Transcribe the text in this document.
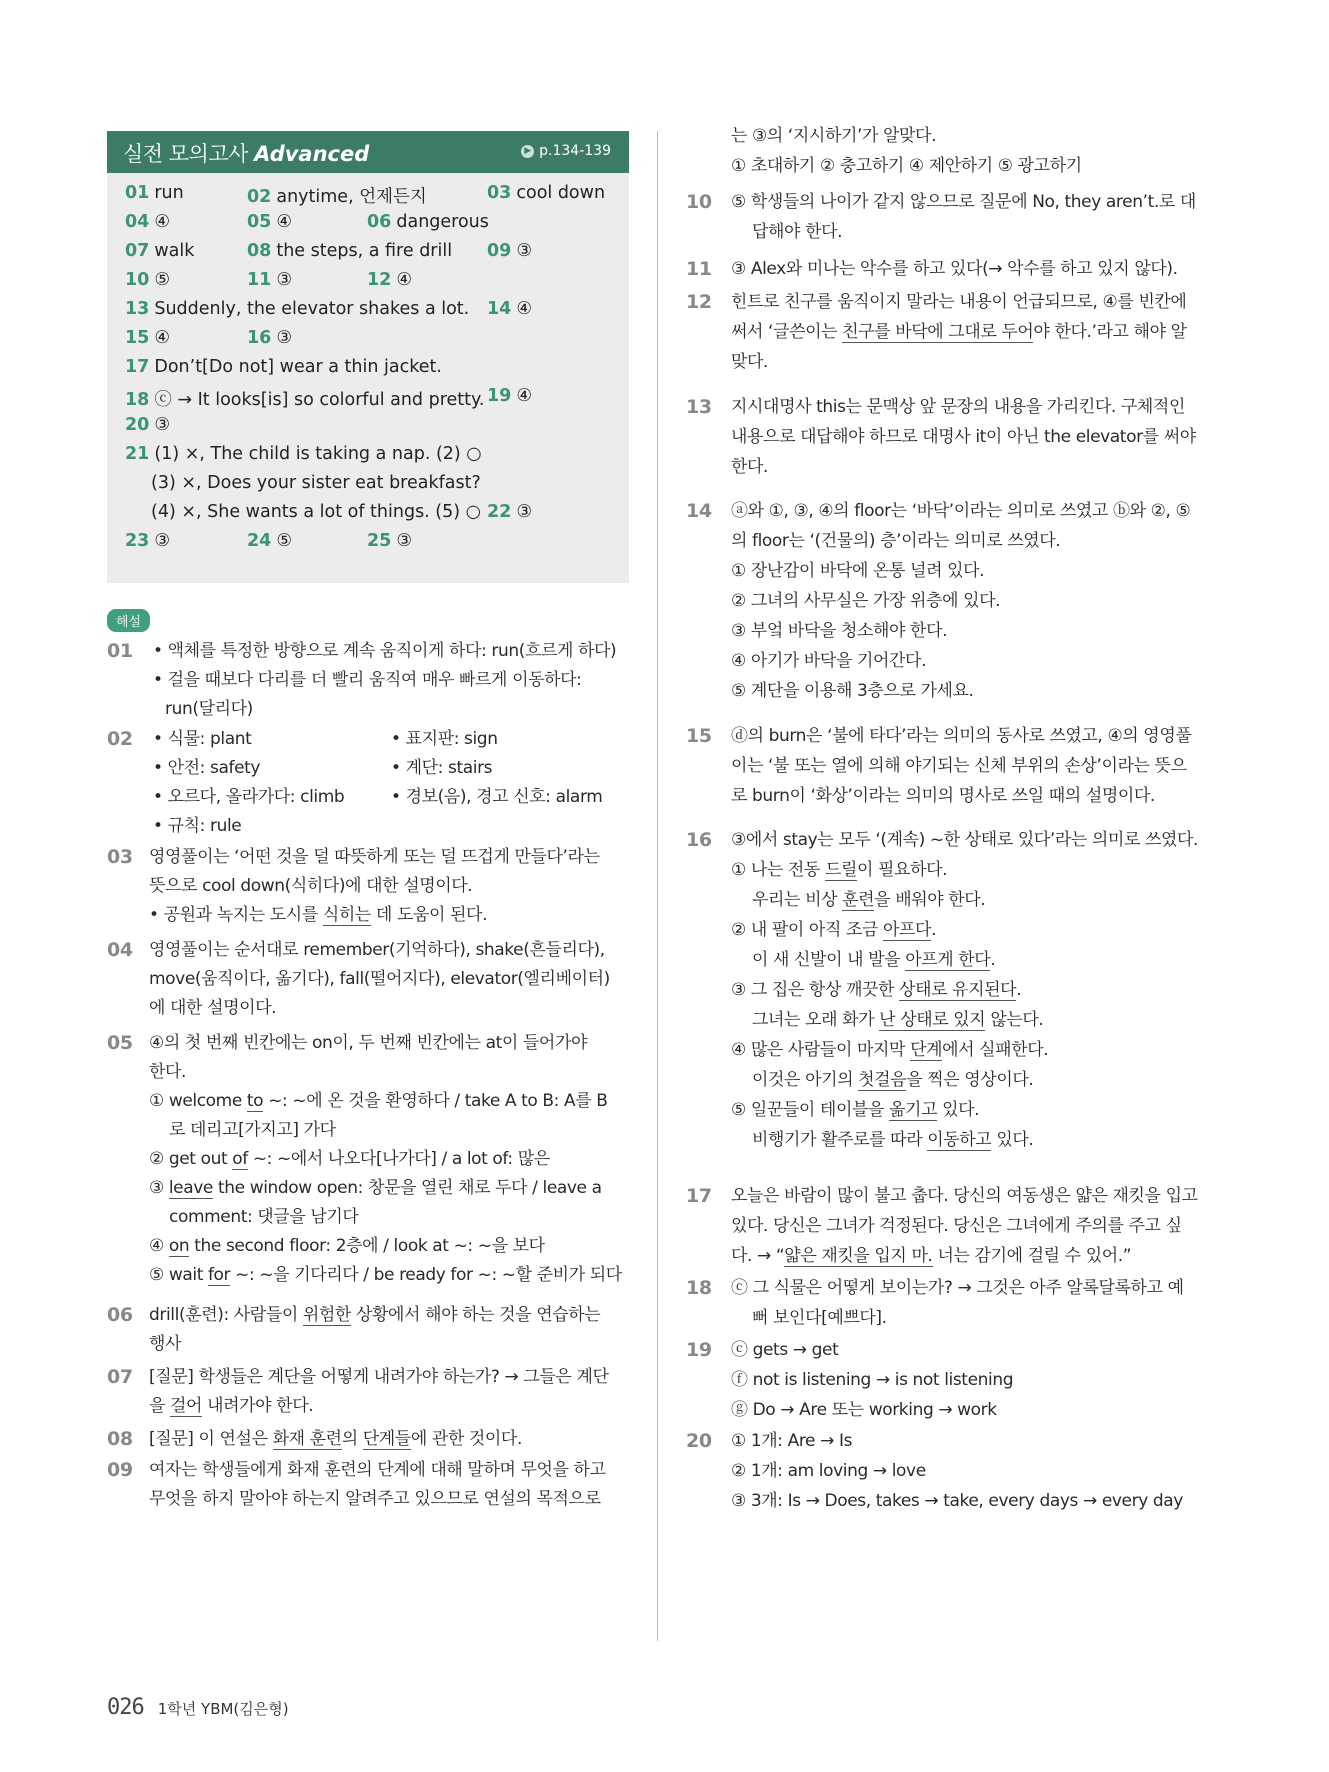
실전 모의고사 Advanced	▶ p.134-139
01 run	02 anytime, 언제든지	03 cool down
04 ④	05 ④	06 dangerous
07 walk	08 the steps, a fire drill 09 ③
10 ⑤	11 ③	12 ④
13 Suddenly, the elevator shakes a lot. 14 ④
15 ④	16 ③
17 Don’t[Do not] wear a thin jacket.
18 ⓒ → It looks[is] so colorful and pretty. 19 ④
20 ③
21 (1) ×, The child is taking a nap. (2) ○
(3) ×, Does your sister eat breakfast?
(4) ×, She wants a lot of things. (5) ○ 22 ③
23 ③	24 ⑤	25 ③
해설
01 • 액체를 특정한 방향으로 계속 움직이게 하다: run(흐르게 하다)
• 걸을 때보다 다리를 더 빨리 움직여 매우 빠르게 이동하다:
run(달리다)
02 • 식물: plant	• 표지판: sign
• 안전: safety	• 계단: stairs
• 오르다, 올라가다: climb	• 경보(음), 경고 신호: alarm
• 규칙: rule
03 영영풀이는 ‘어떤 것을 덜 따뜻하게 또는 덜 뜨겁게 만들다’라는
뜻으로 cool down(식히다)에 대한 설명이다.
• 공원과 녹지는 도시를 식히는 데 도움이 된다.
04 영영풀이는 순서대로 remember(기억하다), shake(흔들리다),
move(움직이다, 옮기다), fall(떨어지다), elevator(엘리베이터)
에 대한 설명이다.
05 ④의 첫 번째 빈칸에는 on이, 두 번째 빈칸에는 at이 들어가야
한다.
① welcome to ~: ~에 온 것을 환영하다 / take A to B: A를 B
로 데리고[가지고] 가다
② get out of ~: ~에서 나오다[나가다] / a lot of: 많은
③ leave the window open: 창문을 열린 채로 두다 / leave a
comment: 댓글을 남기다
④ on the second floor: 2층에 / look at ~: ~을 보다
⑤ wait for ~: ~을 기다리다 / be ready for ~: ~할 준비가 되다
06 drill(훈련): 사람들이 위험한 상황에서 해야 하는 것을 연습하는
행사
07 [질문] 학생들은 계단을 어떻게 내려가야 하는가? → 그들은 계단
을 걸어 내려가야 한다.
08 [질문] 이 연설은 화재 훈련의 단계들에 관한 것이다.
09 여자는 학생들에게 화재 훈련의 단계에 대해 말하며 무엇을 하고
무엇을 하지 말아야 하는지 알려주고 있으므로 연설의 목적으로
는 ③의 ‘지시하기’가 알맞다.
① 초대하기 ② 충고하기 ④ 제안하기 ⑤ 광고하기
10 ⑤ 학생들의 나이가 같지 않으므로 질문에 No, they aren’t.로 대
답해야 한다.
11 ③ Alex와 미나는 악수를 하고 있다(→ 악수를 하고 있지 않다).
12 힌트로 친구를 움직이지 말라는 내용이 언급되므로, ④를 빈칸에
써서 ‘글쓴이는 친구를 바닥에 그대로 두어야 한다.’라고 해야 알
맞다.
13 지시대명사 this는 문맥상 앞 문장의 내용을 가리킨다. 구체적인
내용으로 대답해야 하므로 대명사 it이 아닌 the elevator를 써야
한다.
14 ⓐ와 ①, ③, ④의 floor는 ‘바닥’이라는 의미로 쓰였고 ⓑ와 ②, ⑤
의 floor는 ‘(건물의) 층’이라는 의미로 쓰였다.
① 장난감이 바닥에 온통 널려 있다.
② 그녀의 사무실은 가장 위층에 있다.
③ 부엌 바닥을 청소해야 한다.
④ 아기가 바닥을 기어간다.
⑤ 계단을 이용해 3층으로 가세요.
15 ⓓ의 burn은 ‘불에 타다’라는 의미의 동사로 쓰였고, ④의 영영풀
이는 ‘불 또는 열에 의해 야기되는 신체 부위의 손상’이라는 뜻으
로 burn이 ‘화상’이라는 의미의 명사로 쓰일 때의 설명이다.
16 ③에서 stay는 모두 ‘(계속) ~한 상태로 있다’라는 의미로 쓰였다.
① 나는 전동 드릴이 필요하다.
우리는 비상 훈련을 배워야 한다.
② 내 팔이 아직 조금 아프다.
이 새 신발이 내 발을 아프게 한다.
③ 그 집은 항상 깨끗한 상태로 유지된다.
그녀는 오래 화가 난 상태로 있지 않는다.
④ 많은 사람들이 마지막 단계에서 실패한다.
이것은 아기의 첫걸음을 찍은 영상이다.
⑤ 일꾼들이 테이블을 옮기고 있다.
비행기가 활주로를 따라 이동하고 있다.
17 오늘은 바람이 많이 불고 춥다. 당신의 여동생은 얇은 재킷을 입고
있다. 당신은 그녀가 걱정된다. 당신은 그녀에게 주의를 주고 싶
다. → “얇은 재킷을 입지 마. 너는 감기에 걸릴 수 있어.”
18 ⓒ 그 식물은 어떻게 보이는가? → 그것은 아주 알록달록하고 예
뻐 보인다[예쁘다].
19 ⓒ gets → get
ⓕ not is listening → is not listening
ⓖ Do → Are 또는 working → work
20 ① 1개: Are → Is
② 1개: am loving → love
③ 3개: Is → Does, takes → take, every days → every day
026 1학년 YBM(김은형)
